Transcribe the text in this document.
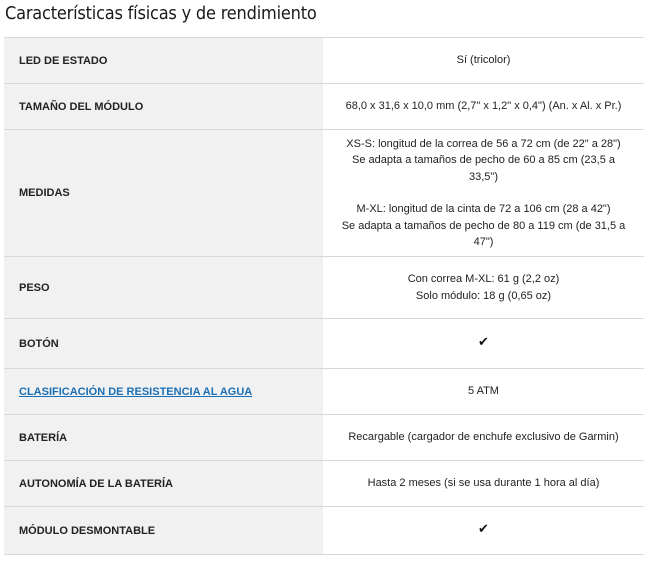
Características físicas y de rendimiento
LED DE ESTADO	Sí (tricolor)

TAMAÑO DEL MÓDULO	68,0 x 31,6 x 10,0 mm (2,7" x 1,2" x 0,4") (An. x Al. x Pr.)

MEDIDAS	XS-S: longitud de la correa de 56 a 72 cm (de 22" a 28")
Se adapta a tamaños de pecho de 60 a 85 cm (23,5 a 33,5")
M-XL: longitud de la cinta de 72 a 106 cm (28 a 42")
Se adapta a tamaños de pecho de 80 a 119 cm (de 31,5 a
47")

PESO	Con correa M-XL: 61 g (2,2 oz)
Solo módulo: 18 g (0,65 oz)

BOTÓN	✔
CLASIFICACIÓN DE RESISTENCIA AL AGUA	5 ATM

BATERÍA	Recargable (cargador de enchufe exclusivo de Garmin)

AUTONOMÍA DE LA BATERÍA	Hasta 2 meses (si se usa durante 1 hora al día)

MÓDULO DESMONTABLE	✔
